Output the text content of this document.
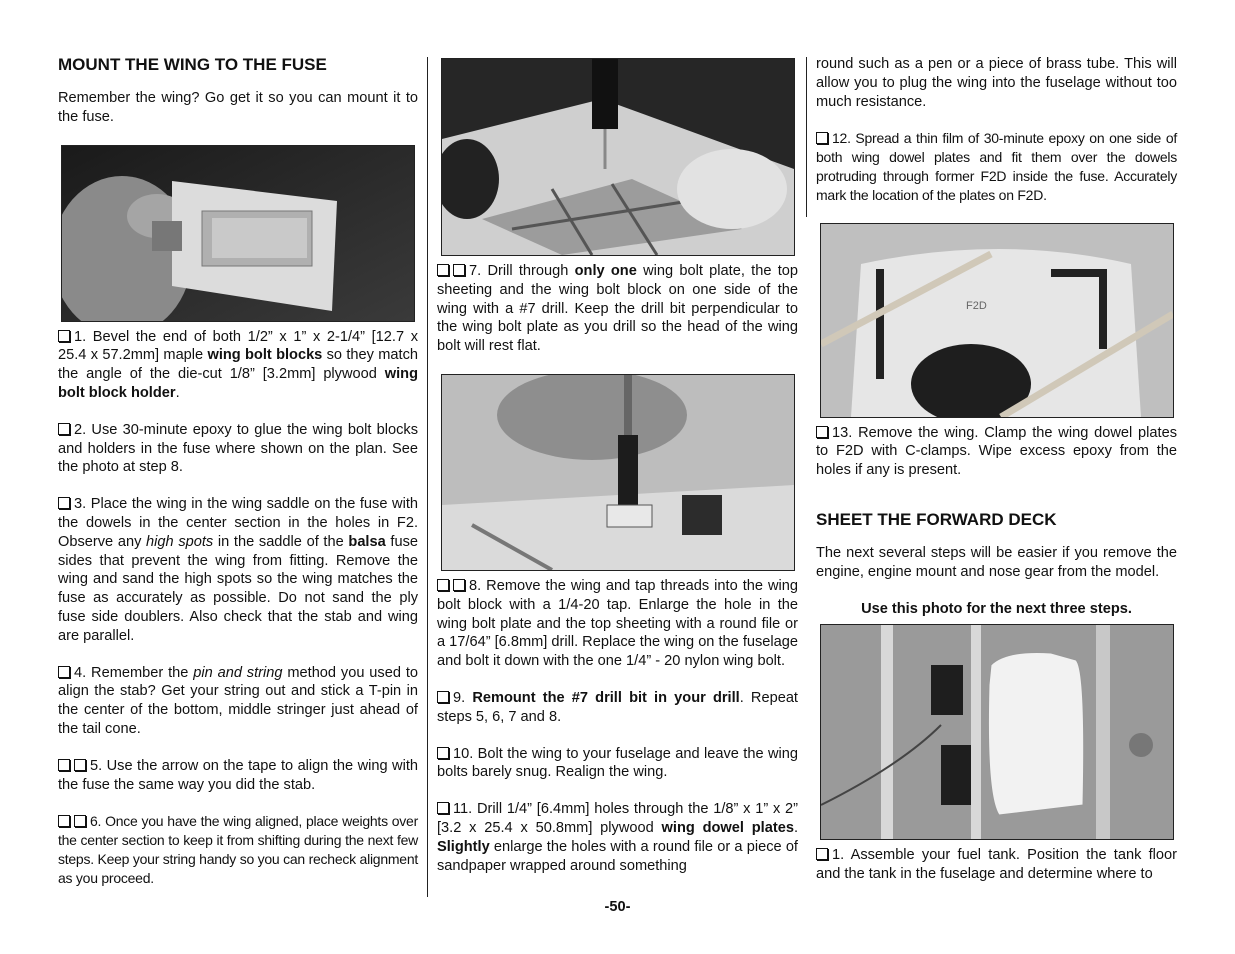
MOUNT THE WING TO THE FUSE

Remember the wing? Go get it so you can mount it to the fuse.

1. Bevel the end of both 1/2” x 1” x 2-1/4” [12.7 x 25.4 x 57.2mm] maple wing bolt blocks so they match the angle of the die-cut 1/8” [3.2mm] plywood wing bolt block holder.

2. Use 30-minute epoxy to glue the wing bolt blocks and holders in the fuse where shown on the plan. See the photo at step 8.

3. Place the wing in the wing saddle on the fuse with the dowels in the center section in the holes in F2. Observe any high spots in the saddle of the balsa fuse sides that prevent the wing from fitting. Remove the wing and sand the high spots so the wing matches the fuse as accurately as possible. Do not sand the ply fuse side doublers. Also check that the stab and wing are parallel.

4. Remember the pin and string method you used to align the stab? Get your string out and stick a T-pin in the center of the bottom, middle stringer just ahead of the tail cone.

5. Use the arrow on the tape to align the wing with the fuse the same way you did the stab.

6. Once you have the wing aligned, place weights over the center section to keep it from shifting during the next few steps. Keep your string handy so you can recheck alignment as you proceed.

7. Drill through only one wing bolt plate, the top sheeting and the wing bolt block on one side of the wing with a #7 drill. Keep the drill bit perpendicular to the wing bolt plate as you drill so the head of the wing bolt will rest flat.

8. Remove the wing and tap threads into the wing bolt block with a 1/4-20 tap. Enlarge the hole in the wing bolt plate and the top sheeting with a round file or a 17/64” [6.8mm] drill. Replace the wing on the fuselage and bolt it down with the one 1/4” - 20 nylon wing bolt.

9. Remount the #7 drill bit in your drill. Repeat steps 5, 6, 7 and 8.

10. Bolt the wing to your fuselage and leave the wing bolts barely snug. Realign the wing.

11. Drill 1/4” [6.4mm] holes through the 1/8” x 1” x 2” [3.2 x 25.4 x 50.8mm] plywood wing dowel plates. Slightly enlarge the holes with a round file or a piece of sandpaper wrapped around something

round such as a pen or a piece of brass tube. This will allow you to plug the wing into the fuselage without too much resistance.

12. Spread a thin film of 30-minute epoxy on one side of both wing dowel plates and fit them over the dowels protruding through former F2D inside the fuse. Accurately mark the location of the plates on F2D.

F2D

13. Remove the wing. Clamp the wing dowel plates to F2D with C-clamps. Wipe excess epoxy from the holes if any is present.

SHEET THE FORWARD DECK

The next several steps will be easier if you remove the engine, engine mount and nose gear from the model.

Use this photo for the next three steps.

1. Assemble your fuel tank. Position the tank floor and the tank in the fuselage and determine where to

-50-
